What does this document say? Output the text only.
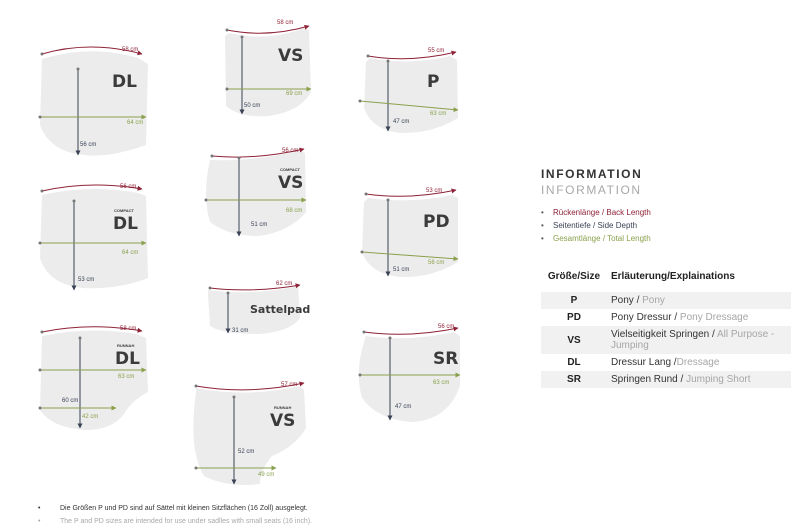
58 cm
56 cm
64 cm
DL
58 cm
50 cm
69 cm
VS	55 cm
47 cm
63 cm
P
56 cm
53 cm
64 cm
COMPACT
DL
56 cm
51 cm
68 cm
COMPACT
VS	53 cm
51 cm
56 cm
PD
62 cm
31 cm
Sattelpad
58 cm
60 cm
63 cm
42 cm
RUNNAH
DL
56 cm
47 cm
63 cm
SR
57 cm
52 cm
49 cm
RUNNAH
VS
INFORMATION
INFORMATION
• Rückenlänge / Back Length
• Seitentiefe / Side Depth
• Gesamtlänge / Total Length
Größe/Size	Erläuterung/Explainations
P	Pony / Pony
PD	Pony Dressur / Pony Dressage
VS	Vielseitigkeit Springen / All Purpose - Jumping
DL	Dressur Lang /Dressage
SR	Springen Rund / Jumping Short
•	Die Größen P und PD sind auf Sättel mit kleinen Sitzflächen (16 Zoll) ausgelegt.
•	The P and PD sizes are intended for use under sadlles with small seats (16 inch).
